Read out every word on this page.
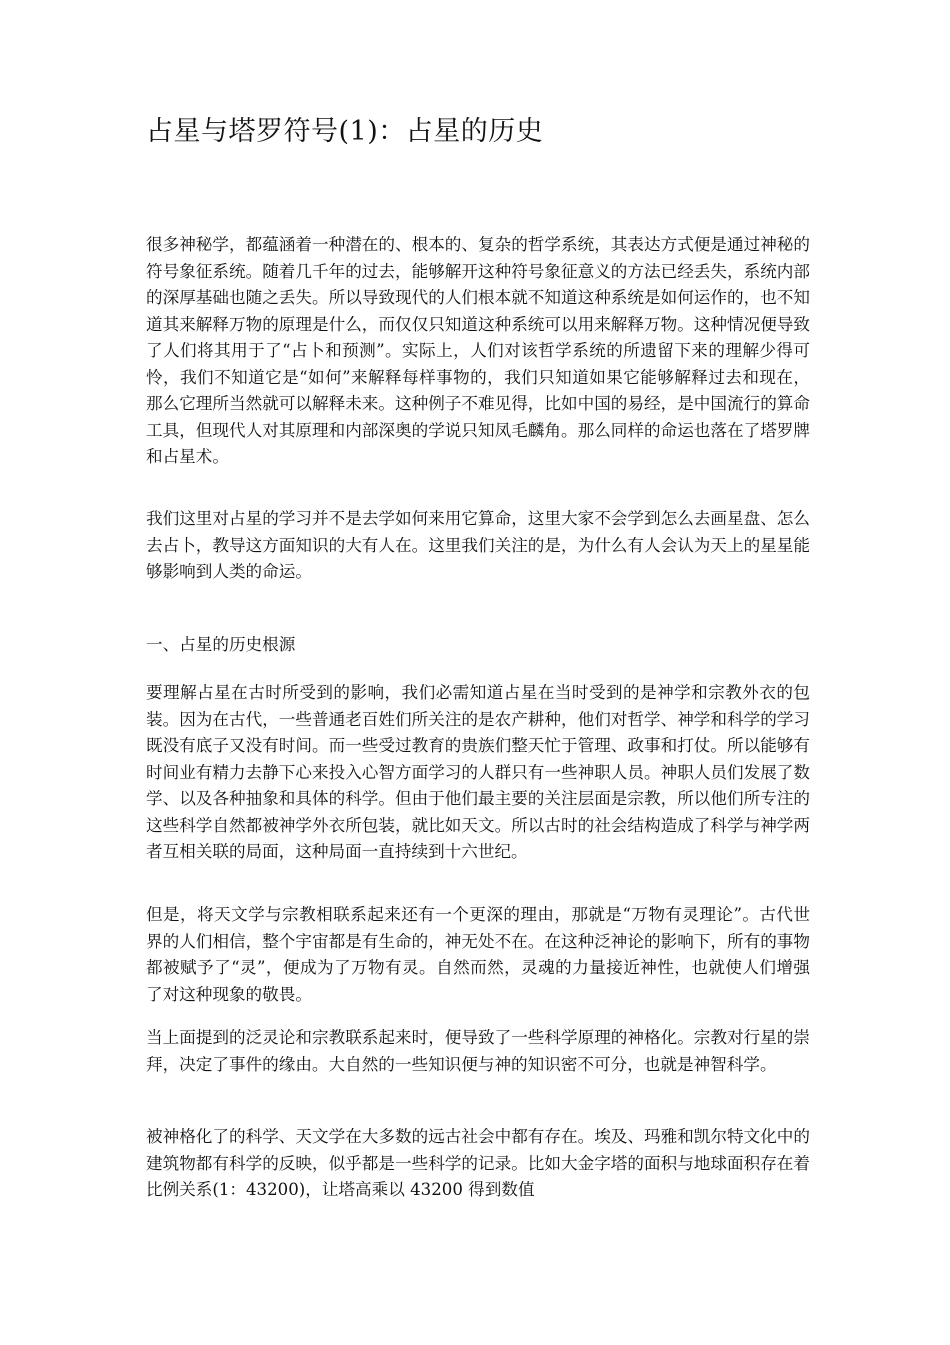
占星与塔罗符号(1)：占星的历史

很多神秘学，都蕴涵着一种潜在的、根本的、复杂的哲学系统，其表达方式便是通过神秘的符号象征系统。随着几千年的过去，能够解开这种符号象征意义的方法已经丢失，系统内部的深厚基础也随之丢失。所以导致现代的人们根本就不知道这种系统是如何运作的，也不知道其来解释万物的原理是什么，而仅仅只知道这种系统可以用来解释万物。这种情况便导致了人们将其用于了“占卜和预测”。实际上，人们对该哲学系统的所遗留下来的理解少得可怜，我们不知道它是“如何”来解释每样事物的，我们只知道如果它能够解释过去和现在，那么它理所当然就可以解释未来。这种例子不难见得，比如中国的易经，是中国流行的算命工具，但现代人对其原理和内部深奥的学说只知凤毛麟角。那么同样的命运也落在了塔罗牌和占星术。

我们这里对占星的学习并不是去学如何来用它算命，这里大家不会学到怎么去画星盘、怎么去占卜，教导这方面知识的大有人在。这里我们关注的是，为什么有人会认为天上的星星能够影响到人类的命运。

一、占星的历史根源

要理解占星在古时所受到的影响，我们必需知道占星在当时受到的是神学和宗教外衣的包装。因为在古代，一些普通老百姓们所关注的是农产耕种，他们对哲学、神学和科学的学习既没有底子又没有时间。而一些受过教育的贵族们整天忙于管理、政事和打仗。所以能够有时间业有精力去静下心来投入心智方面学习的人群只有一些神职人员。神职人员们发展了数学、以及各种抽象和具体的科学。但由于他们最主要的关注层面是宗教，所以他们所专注的这些科学自然都被神学外衣所包装，就比如天文。所以古时的社会结构造成了科学与神学两者互相关联的局面，这种局面一直持续到十六世纪。

但是，将天文学与宗教相联系起来还有一个更深的理由，那就是“万物有灵理论”。古代世界的人们相信，整个宇宙都是有生命的，神无处不在。在这种泛神论的影响下，所有的事物都被赋予了“灵”，便成为了万物有灵。自然而然，灵魂的力量接近神性，也就使人们增强了对这种现象的敬畏。

当上面提到的泛灵论和宗教联系起来时，便导致了一些科学原理的神格化。宗教对行星的崇拜，决定了事件的缘由。大自然的一些知识便与神的知识密不可分，也就是神智科学。

被神格化了的科学、天文学在大多数的远古社会中都有存在。埃及、玛雅和凯尔特文化中的建筑物都有科学的反映，似乎都是一些科学的记录。比如大金字塔的面积与地球面积存在着比例关系(1：43200)，让塔高乘以 43200 得到数值
